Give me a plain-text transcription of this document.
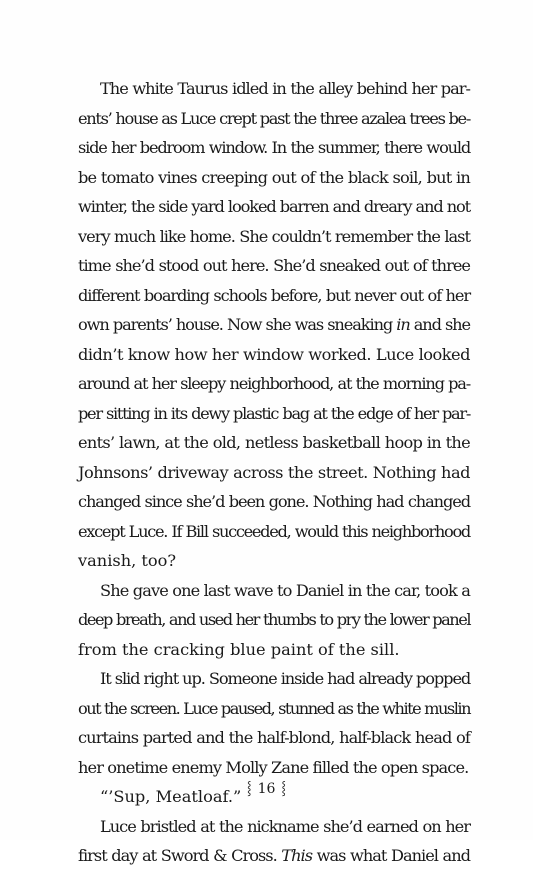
The white Taurus idled in the alley behind her par-
ents’ house as Luce crept past the three azalea trees be-
side her bedroom window. In the summer, there would
be tomato vines creeping out of the black soil, but in
winter, the side yard looked barren and dreary and not
very much like home. She couldn’t remember the last
time she’d stood out here. She’d sneaked out of three
different boarding schools before, but never out of her
own parents’ house. Now she was sneaking in and she
didn’t know how her window worked. Luce looked
around at her sleepy neighborhood, at the morning pa-
per sitting in its dewy plastic bag at the edge of her par-
ents’ lawn, at the old, netless basketball hoop in the
Johnsons’ driveway across the street. Nothing had
changed since she’d been gone. Nothing had changed
except Luce. If Bill succeeded, would this neighborhood
vanish, too?
She gave one last wave to Daniel in the car, took a
deep breath, and used her thumbs to pry the lower panel
from the cracking blue paint of the sill.
It slid right up. Someone inside had already popped
out the screen. Luce paused, stunned as the white muslin
curtains parted and the half-blond, half-black head of
her onetime enemy Molly Zane filled the open space.
“’Sup, Meatloaf.”
Luce bristled at the nickname she’d earned on her
first day at Sword & Cross. This was what Daniel and
⸾ 16 ⸾
